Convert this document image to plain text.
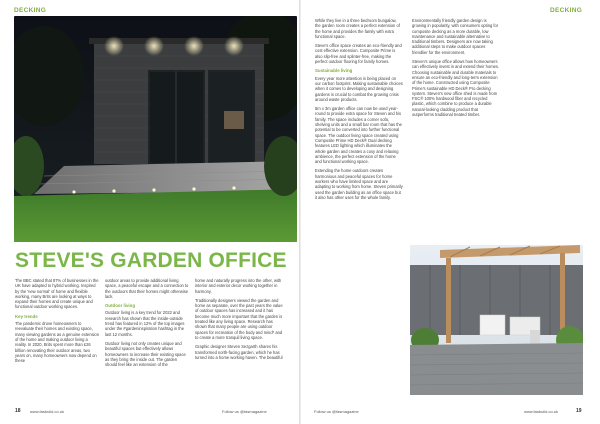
DECKING	DECKING
STEVE'S GARDEN OFFICE

The BBC stated that 87% of businesses in the UK have adapted to hybrid working. Inspired by the 'new normal' of home and flexible working, many Brits are looking at ways to expand their homes and create unique and functional outdoor working spaces.

Key trends

The pandemic drove homeowners to reevaluate their homes and existing space, many viewing gardens as a genuine extension of the home and making outdoor living a reality. In 2020, Brits spent more than £26 billion renovating their outdoor areas, two years on, many homeowners now depend on these

outdoor areas to provide additional living space, a peaceful escape and a connection to the outdoors that their homes might otherwise lack.

Outdoor living

Outdoor living is a key trend for 2022 and research has shown that the inside-outside trend has featured in 12% of the top images under the #gardeninspiration hashtag in the last 12 months.

Outdoor living not only creates unique and beautiful spaces but effectively allows homeowners to increase their existing space as they bring the inside out. The garden should feel like an extension of the

home and naturally progress into the other, with interior and exterior decor working together in harmony.

Traditionally designers viewed the garden and home as separate, over the past years the value of outdoor spaces has increased and it has become much more important that the garden is treated like any living space. Research has shown that many people are using outdoor spaces for recreation of the body and mind* and to create a more tranquil living space.

Graphic designer Steven Sezgarth shares his transformed north-facing garden, which he has turned into a home working haven. The beautiful

While they live in a three bedroom bungalow, the garden room creates a perfect extension of the home and provides the family with extra functional space.

Steve's office space creates an eco-friendly and cost effective extension. Composite Prime is also slip-free and splinter-free, making the perfect outdoor flooring for family homes.

Sustainable living

Every year more attention is being placed on our carbon footprint. Making sustainable choices when it comes to developing and designing gardens is crucial to combat the growing crisis around waste products.

5m x 3m garden office can now be used year-round to provide extra space for Steven and his family. The space includes a corner sofa, shelving units and a small bar room that has the potential to be converted into further functional space. The outdoor living space created using Composite Prime HD Deck® Dual decking features LED lighting which illuminates the whole garden and creates a cosy and relaxing ambience, the perfect extension of the home and functional working space.

Extending the home outdoors creates harmonious and peaceful spaces for home workers who have limited space and are adapting to working from home. Steven primarily used the garden building as an office space but it also has other uses for the whole family.

Environmentally friendly garden design is growing in popularity, with consumers opting for composite decking as a more durable, low maintenance and sustainable alternative to traditional timbers. Designers are now taking additional steps to make outdoor spaces friendlier for the environment.

Steven's unique office allows how homeowners can effectively invest in and extend their homes. Choosing sustainable and durable materials to ensure an eco-friendly and long-term extension of the home. Constructed using Composite Prime's sustainable HD Deck® Pro decking system. Steven's new office shed is made from FSC® 100% hardwood fiber and recycled plastic, which combine to produce a durable natural-looking cladding product that outperforms traditional treated timber.

18 www.fasbuild.co.uk	Follow us @fasmagazine	Follow us @fasmagazine	www.fasbuild.co.uk	19
